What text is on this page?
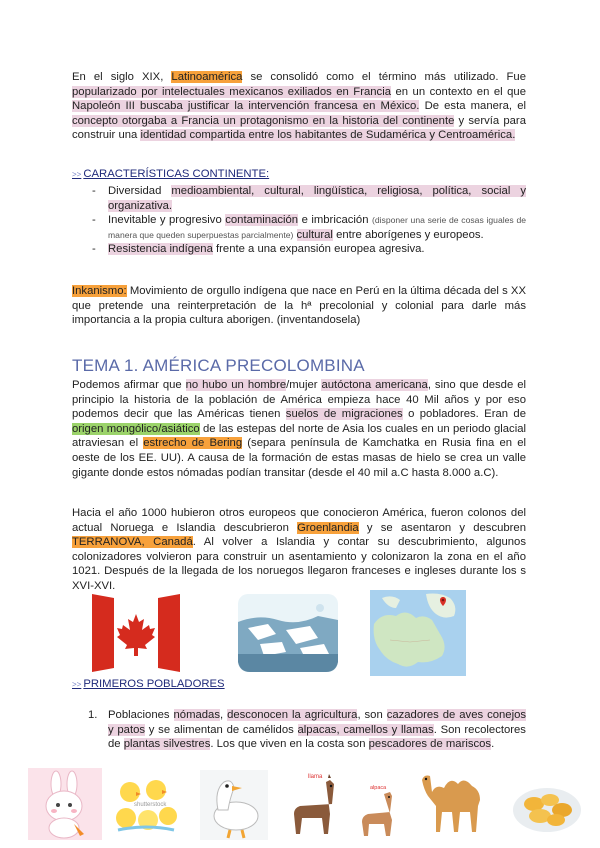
En el siglo XIX, Latinoamérica se consolidó como el término más utilizado. Fue popularizado por intelectuales mexicanos exiliados en Francia en un contexto en el que Napoleón III buscaba justificar la intervención francesa en México. De esta manera, el concepto otorgaba a Francia un protagonismo en la historia del continente y servía para construir una identidad compartida entre los habitantes de Sudamérica y Centroamérica.
>> CARACTERÍSTICAS CONTINENTE:
- Diversidad medioambiental, cultural, lingüística, religiosa, política, social y organizativa.
- Inevitable y progresivo contaminación e imbricación (disponer una serie de cosas iguales de manera que queden superpuestas parcialmente) cultural entre aborígenes y europeos.
- Resistencia indígena frente a una expansión europea agresiva.
Inkanismo: Movimiento de orgullo indígena que nace en Perú en la última década del s XX que pretende una reinterpretación de la hª precolonial y colonial para darle más importancia a la propia cultura aborigen. (inventandosela)
TEMA 1. AMÉRICA PRECOLOMBINA
Podemos afirmar que no hubo un hombre/mujer autóctona americana, sino que desde el principio la historia de la población de América empieza hace 40 Mil años y por eso podemos decir que las Américas tienen suelos de migraciones o pobladores. Eran de origen mongólico/asiático de las estepas del norte de Asia los cuales en un periodo glacial atraviesan el estrecho de Bering (separa península de Kamchatka en Rusia fina en el oeste de los EE. UU). A causa de la formación de estas masas de hielo se crea un valle gigante donde estos nómadas podían transitar (desde el 40 mil a.C hasta 8.000 a.C).
Hacia el año 1000 hubieron otros europeos que conocieron América, fueron colonos del actual Noruega e Islandia descubrieron Groenlandia y se asentaron y descubren TERRANOVA, Canadá. Al volver a Islandia y contar su descubrimiento, algunos colonizadores volvieron para construir un asentamiento y colonizaron la zona en el año 1021. Después de la llegada de los noruegos llegaron franceses e ingleses durante los s XVI-XVI.
>> PRIMEROS POBLADORES
1. Poblaciones nómadas, desconocen la agricultura, son cazadores de aves conejos y patos y se alimentan de camélidos alpacas, camellos y llamas. Son recolectores de plantas silvestres. Los que viven en la costa son pescadores de mariscos.
shutterstock
llama
alpaca
